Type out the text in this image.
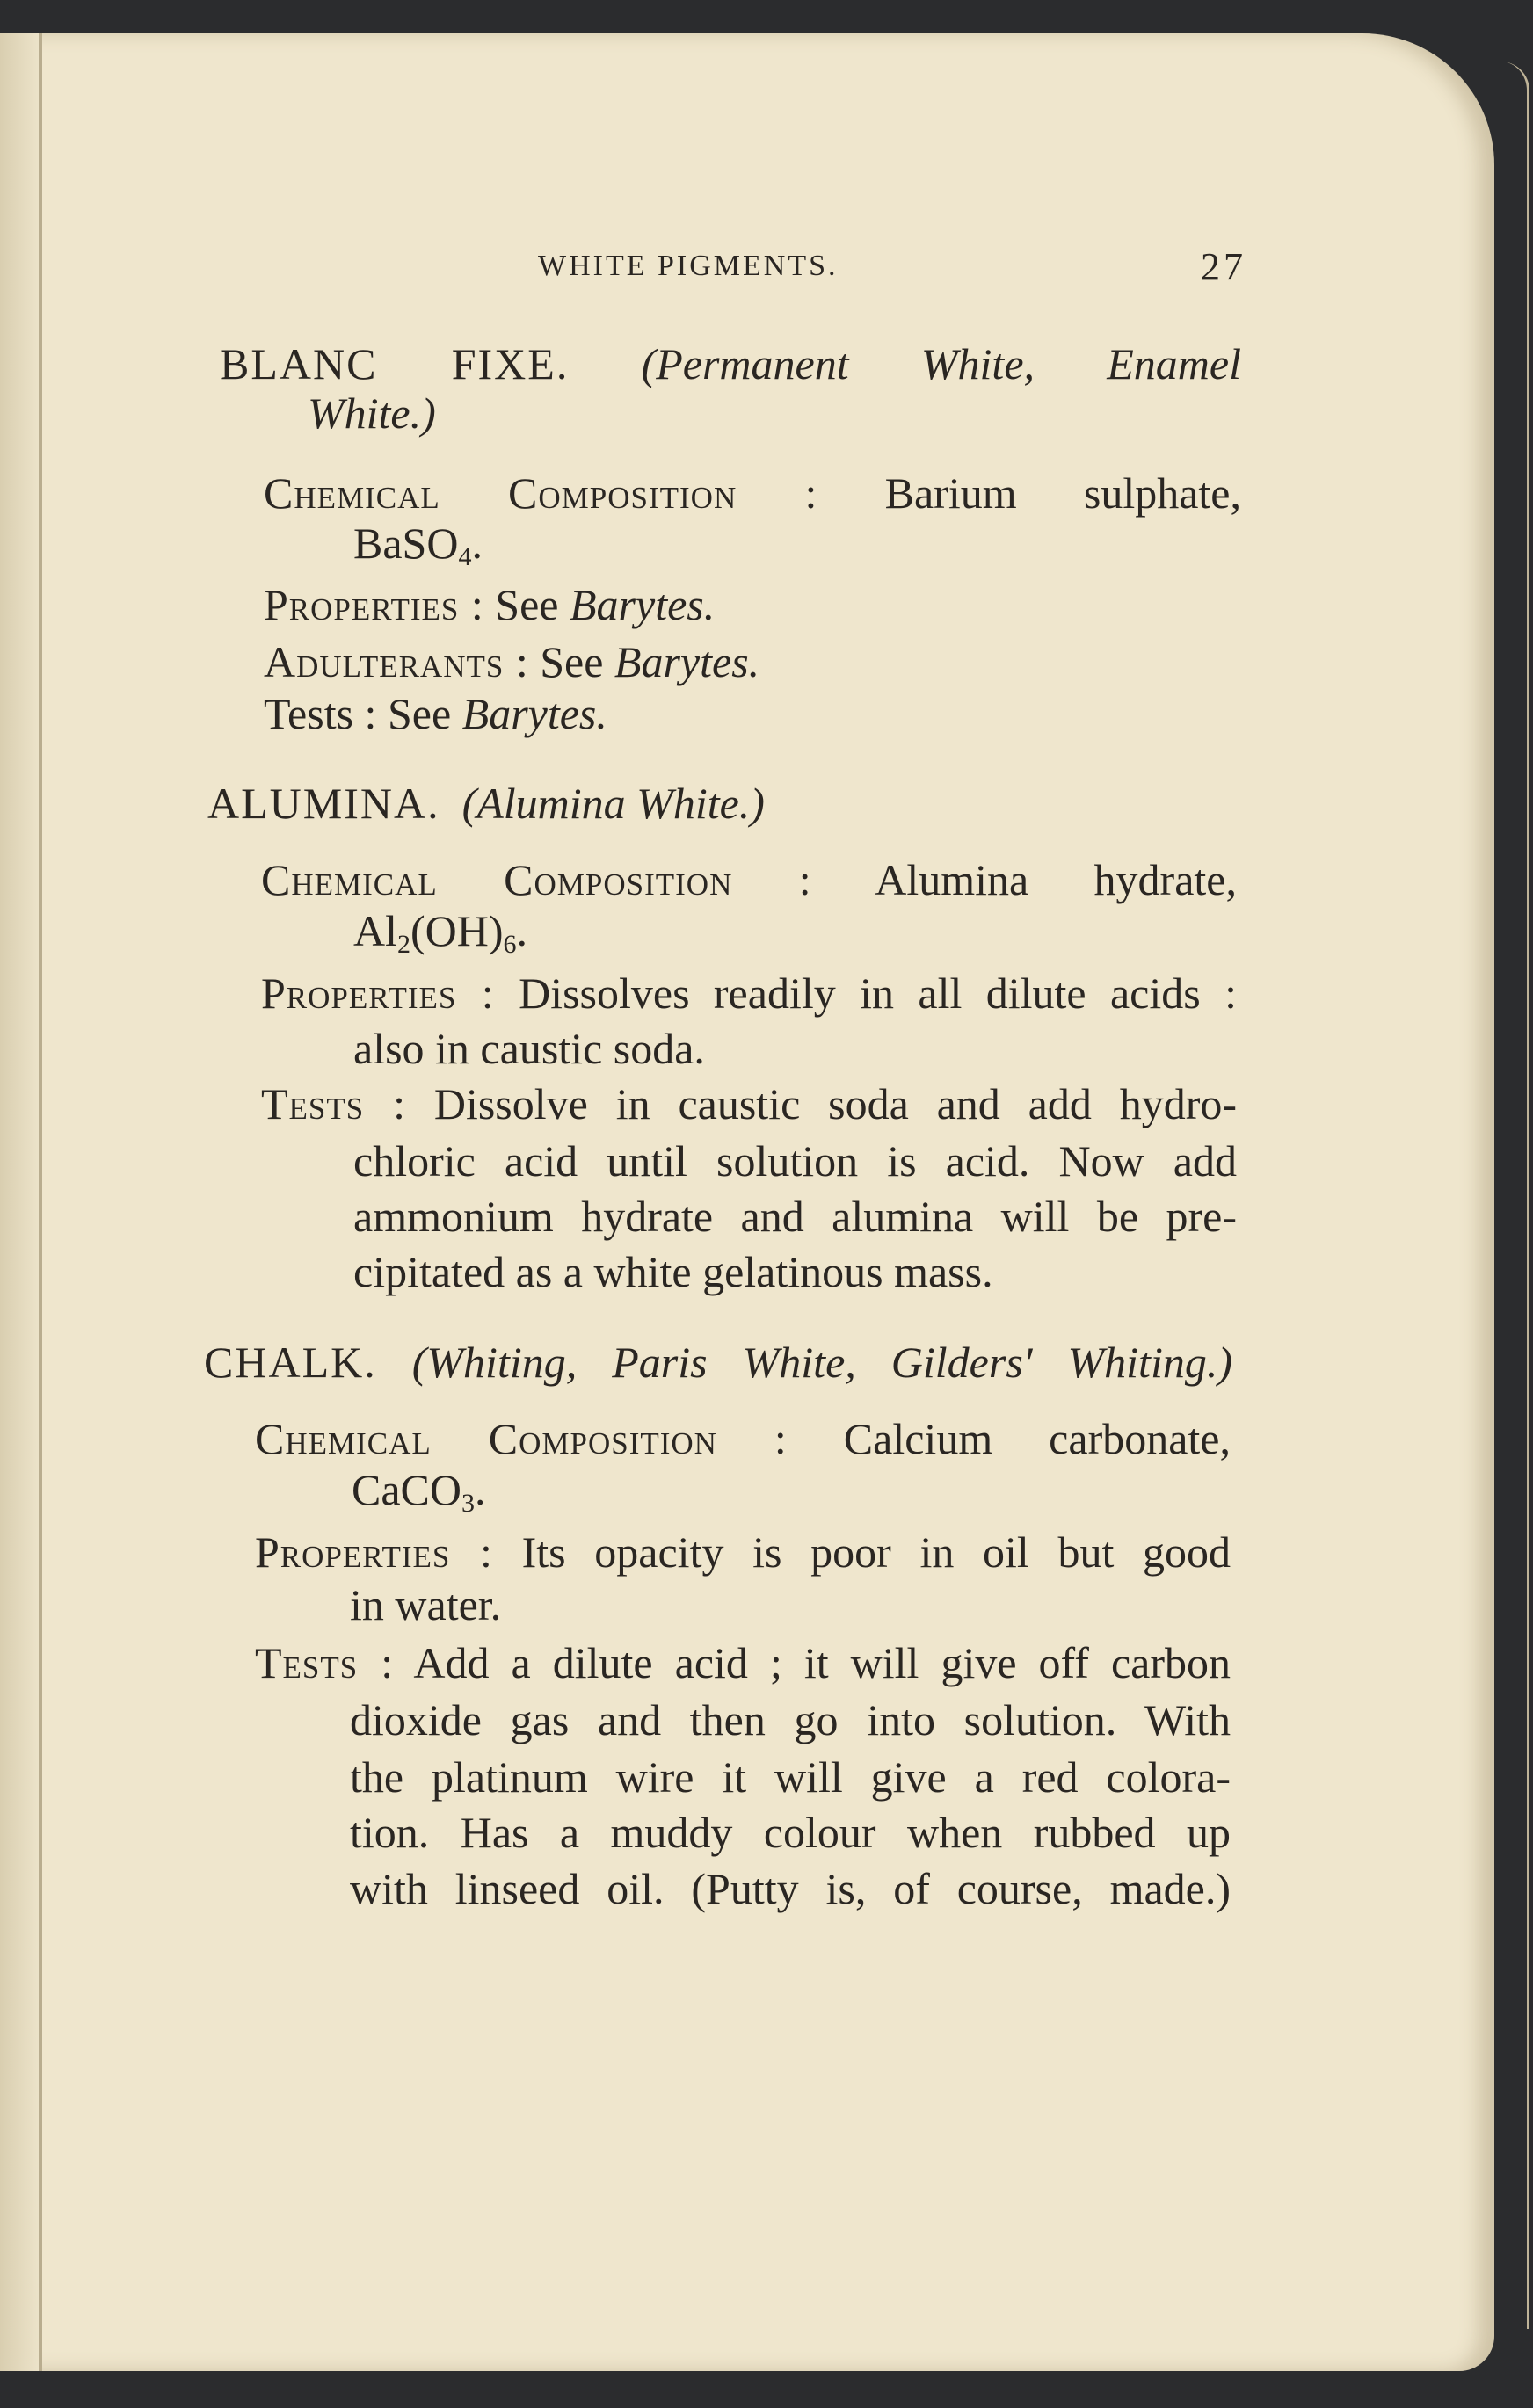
WHITE PIGMENTS.	27
BLANC FIXE. (Permanent White, Enamel
White.)
Chemical Composition : Barium sulphate,
BaSO$_4$.
Properties : See Barytes.
Adulterants : See Barytes.
Tests : See Barytes.
ALUMINA. (Alumina White.)
Chemical Composition : Alumina hydrate,
$Al_2(OH)_6$.
Properties : Dissolves readily in all dilute acids :
also in caustic soda.
Tests : Dissolve in caustic soda and add hydro-
chloric acid until solution is acid. Now add
ammonium hydrate and alumina will be pre-
cipitated as a white gelatinous mass.
CHALK. (Whiting, Paris White, Gilders' Whiting.)
Chemical Composition : Calcium carbonate,
CaCO$_3$.
Properties : Its opacity is poor in oil but good
in water.
Tests : Add a dilute acid ; it will give off carbon
dioxide gas and then go into solution. With
the platinum wire it will give a red colora-
tion. Has a muddy colour when rubbed up
with linseed oil. (Putty is, of course, made.)
